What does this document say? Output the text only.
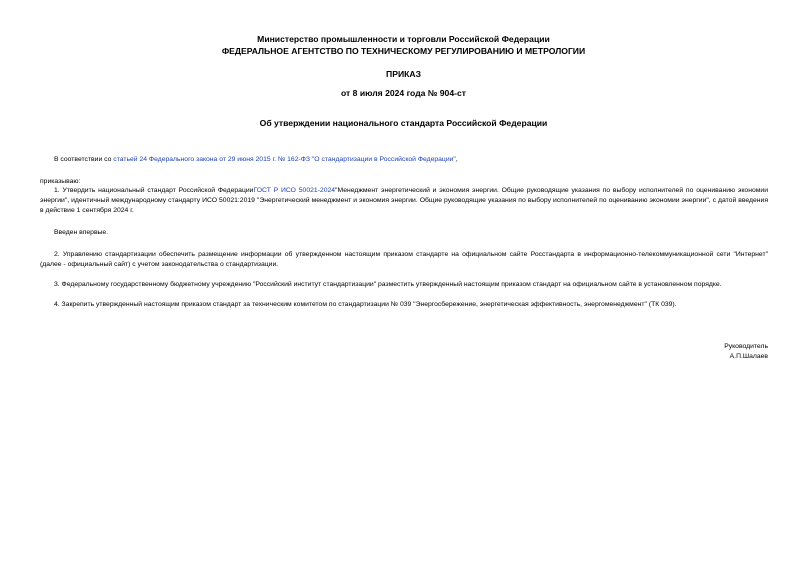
Министерство промышленности и торговли Российской Федерации
ФЕДЕРАЛЬНОЕ АГЕНТСТВО ПО ТЕХНИЧЕСКОМУ РЕГУЛИРОВАНИЮ И МЕТРОЛОГИИ
ПРИКАЗ
от 8 июля 2024 года № 904-ст
Об утверждении национального стандарта Российской Федерации
В соответствии со статьей 24 Федерального закона от 29 июня 2015 г. № 162-ФЗ "О стандартизации в Российской Федерации",
приказываю:
1. Утвердить национальный стандарт Российской ФедерацииГОСТ Р ИСО 50021-2024"Менеджмент энергетический и экономия энергии. Общие руководящие указания по выбору исполнителей по оцениванию экономии энергии", идентичный международному стандарту ИСО 50021:2019 "Энергетический менеджмент и экономия энергии. Общие руководящие указания по выбору исполнителей по оцениванию экономии энергии", с датой введения в действие 1 сентября 2024 г.
Введен впервые.
2. Управлению стандартизации обеспечить размещение информации об утвержденном настоящим приказом стандарте на официальном сайте Росстандарта в информационно-телекоммуникационной сети "Интернет" (далее - официальный сайт) с учетом законодательства о стандартизации.
3. Федеральному государственному бюджетному учреждению "Российский институт стандартизации" разместить утвержденный настоящим приказом стандарт на официальном сайте в установленном порядке.
4. Закрепить утвержденный настоящим приказом стандарт за техническим комитетом по стандартизации № 039 "Энергосбережение, энергетическая эффективность, энергоменеджмент" (ТК 039).
Руководитель
А.П.Шалаев
